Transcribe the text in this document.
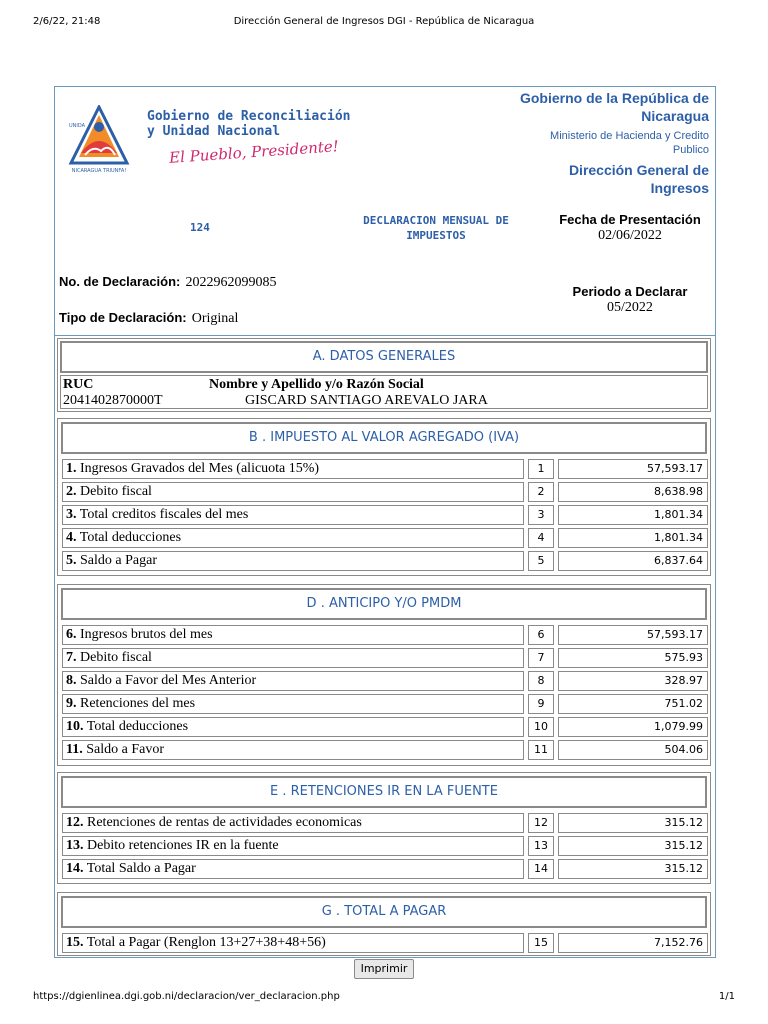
2/6/22, 21:48	Dirección General de Ingresos DGI - República de Nicaragua
UNIDA
NICARAGUA TRIUNFA!
Gobierno de Reconciliación
y Unidad Nacional
El Pueblo, Presidente!
Gobierno de la República de Nicaragua
Ministerio de Hacienda y Credito Publico
Dirección General de Ingresos
124
DECLARACION MENSUAL DE IMPUESTOS
Fecha de Presentación
02/06/2022
No. de Declaración: 2022962099085
Tipo de Declaración: Original
Periodo a Declarar
05/2022
A. DATOS GENERALES
RUC	Nombre y Apellido y/o Razón Social
2041402870000T	GISCARD SANTIAGO AREVALO JARA
B . IMPUESTO AL VALOR AGREGADO (IVA)
1. Ingresos Gravados del Mes (alicuota 15%)	1	57,593.17
2. Debito fiscal	2	8,638.98
3. Total creditos fiscales del mes	3	1,801.34
4. Total deducciones	4	1,801.34
5. Saldo a Pagar	5	6,837.64
D . ANTICIPO Y/O PMDM
6. Ingresos brutos del mes	6	57,593.17
7. Debito fiscal	7	575.93
8. Saldo a Favor del Mes Anterior	8	328.97
9. Retenciones del mes	9	751.02
10. Total deducciones	10	1,079.99
11. Saldo a Favor	11	504.06
E . RETENCIONES IR EN LA FUENTE
12. Retenciones de rentas de actividades economicas	12	315.12
13. Debito retenciones IR en la fuente	13	315.12
14. Total Saldo a Pagar	14	315.12
G . TOTAL A PAGAR
15. Total a Pagar (Renglon 13+27+38+48+56)	15	7,152.76
Imprimir
https://dgienlinea.dgi.gob.ni/declaracion/ver_declaracion.php	1/1
